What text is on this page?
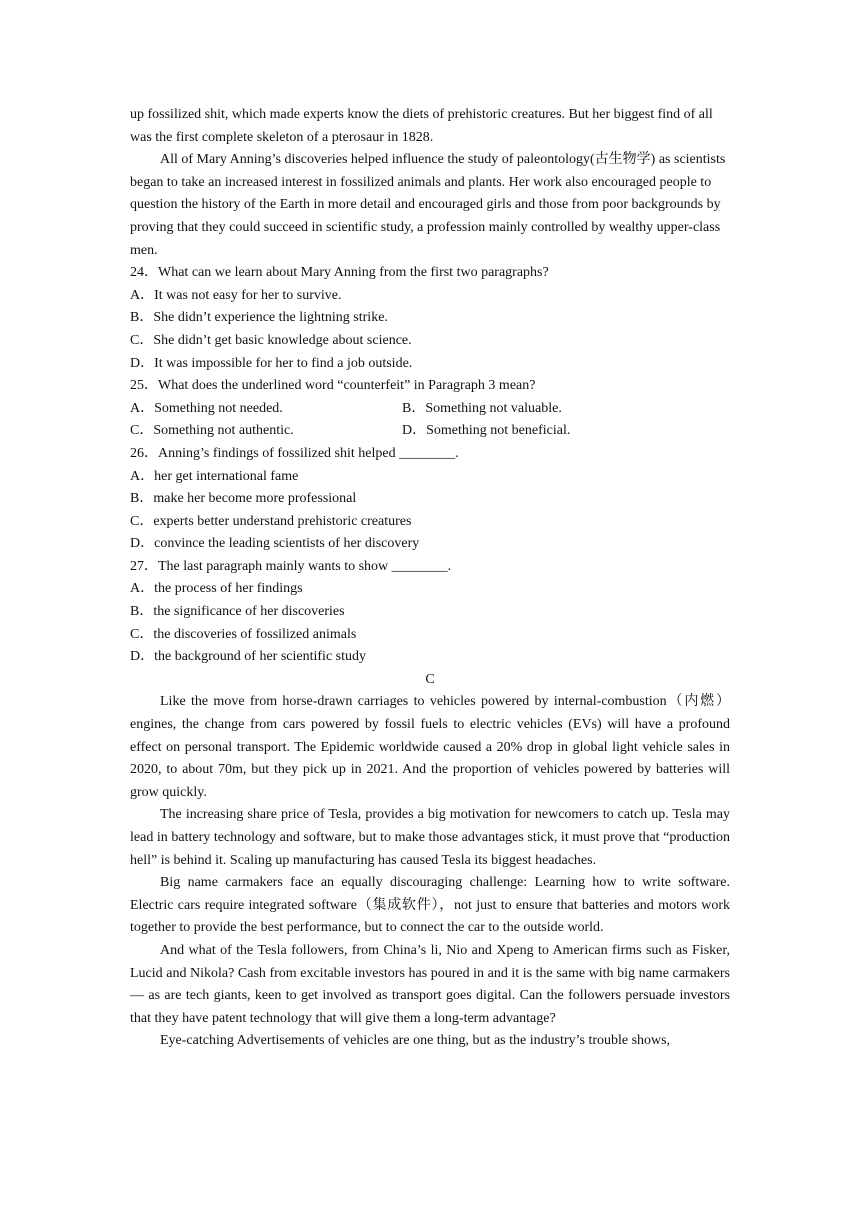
up fossilized shit, which made experts know the diets of prehistoric creatures. But her biggest find of all was the first complete skeleton of a pterosaur in 1828.

All of Mary Anning’s discoveries helped influence the study of paleontology(古生物学) as scientists began to take an increased interest in fossilized animals and plants. Her work also encouraged people to question the history of the Earth in more detail and encouraged girls and those from poor backgrounds by proving that they could succeed in scientific study, a profession mainly controlled by wealthy upper-class men.

24．What can we learn about Mary Anning from the first two paragraphs?

A．It was not easy for her to survive.

B．She didn’t experience the lightning strike.

C．She didn’t get basic knowledge about science.

D．It was impossible for her to find a job outside.

25．What does the underlined word “counterfeit” in Paragraph 3 mean?

A．Something not needed.	B．Something not valuable.
C．Something not authentic.	D．Something not beneficial.

26．Anning’s findings of fossilized shit helped ________.

A．her get international fame

B．make her become more professional

C．experts better understand prehistoric creatures

D．convince the leading scientists of her discovery

27．The last paragraph mainly wants to show ________.

A．the process of her findings

B．the significance of her discoveries

C．the discoveries of fossilized animals

D．the background of her scientific study

C

Like the move from horse-drawn carriages to vehicles powered by internal-combustion（内燃）engines, the change from cars powered by fossil fuels to electric vehicles (EVs) will have a profound effect on personal transport. The Epidemic worldwide caused a 20% drop in global light vehicle sales in 2020, to about 70m, but they pick up in 2021. And the proportion of vehicles powered by batteries will grow quickly.

The increasing share price of Tesla, provides a big motivation for newcomers to catch up. Tesla may lead in battery technology and software, but to make those advantages stick, it must prove that “production hell” is behind it. Scaling up manufacturing has caused Tesla its biggest headaches.

Big name carmakers face an equally discouraging challenge: Learning how to write software. Electric cars require integrated software（集成软件），not just to ensure that batteries and motors work together to provide the best performance, but to connect the car to the outside world.

And what of the Tesla followers, from China’s li, Nio and Xpeng to American firms such as Fisker, Lucid and Nikola? Cash from excitable investors has poured in and it is the same with big name carmakers — as are tech giants, keen to get involved as transport goes digital. Can the followers persuade investors that they have patent technology that will give them a long-term advantage?

Eye-catching Advertisements of vehicles are one thing, but as the industry’s trouble shows,
